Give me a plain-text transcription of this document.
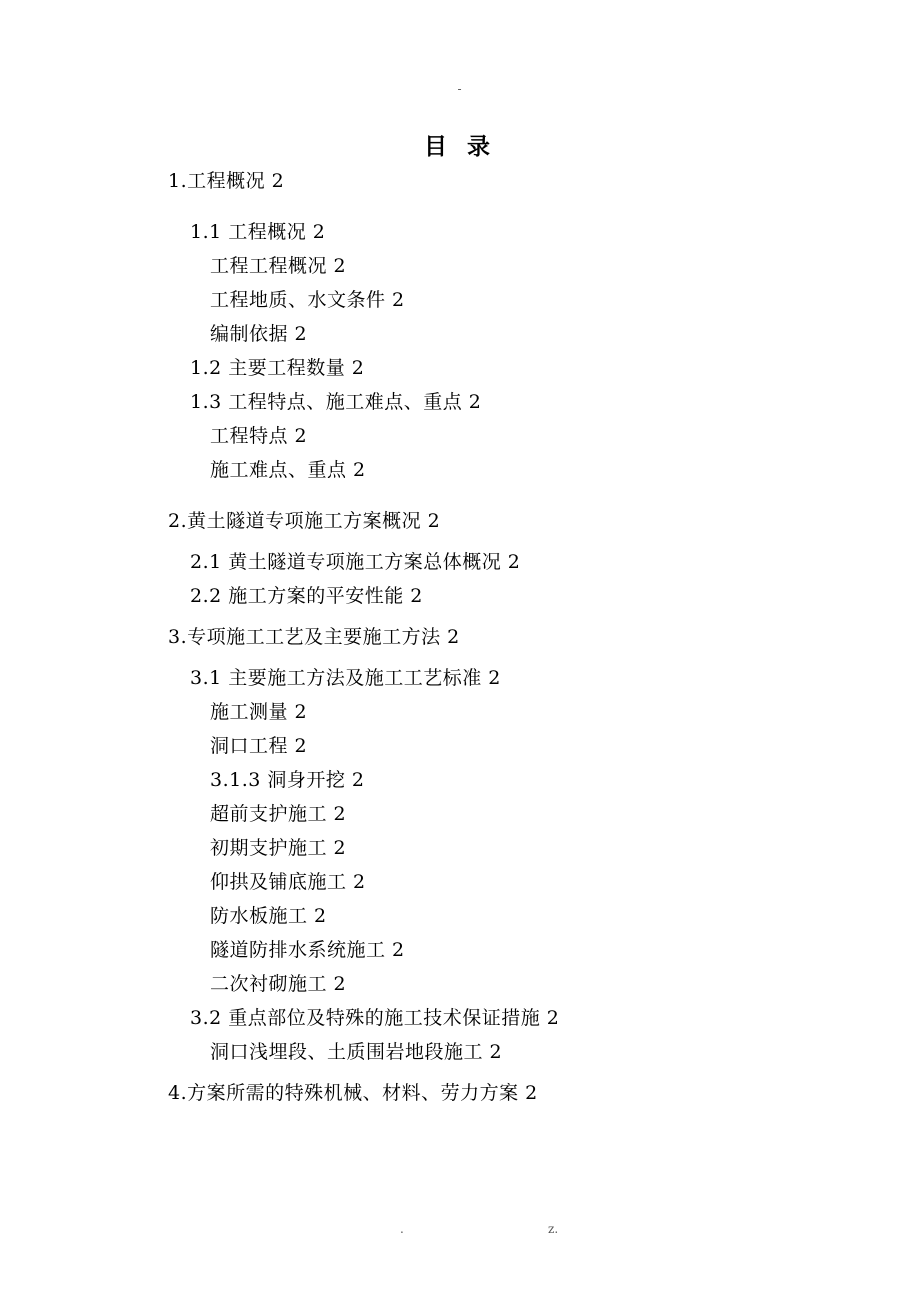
-
目 录
1.工程概况 2
1.1 工程概况 2
工程工程概况 2
工程地质、水文条件 2
编制依据 2
1.2 主要工程数量 2
1.3 工程特点、施工难点、重点 2
工程特点 2
施工难点、重点 2
2.黄土隧道专项施工方案概况 2
2.1 黄土隧道专项施工方案总体概况 2
2.2 施工方案的平安性能 2
3.专项施工工艺及主要施工方法 2
3.1 主要施工方法及施工工艺标准 2
施工测量 2
洞口工程 2
3.1.3 洞身开挖 2
超前支护施工 2
初期支护施工 2
仰拱及铺底施工 2
防水板施工 2
隧道防排水系统施工 2
二次衬砌施工 2
3.2 重点部位及特殊的施工技术保证措施 2
洞口浅埋段、土质围岩地段施工 2
4.方案所需的特殊机械、材料、劳力方案 2
.	z.
